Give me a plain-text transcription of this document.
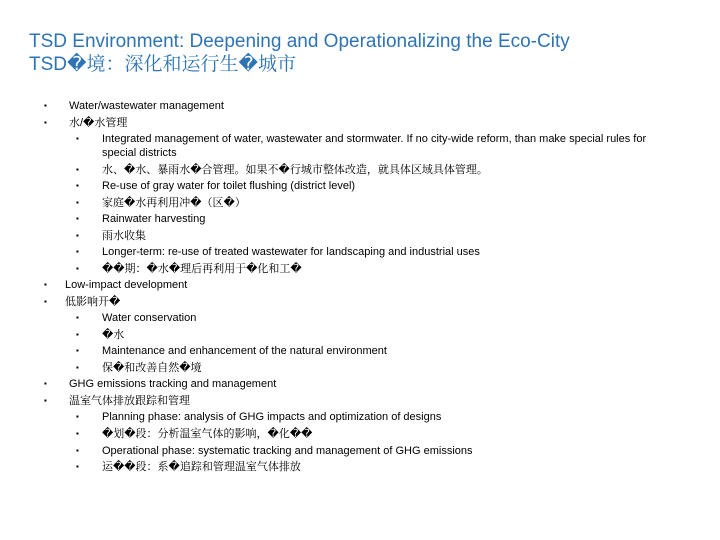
TSD Environment: Deepening and Operationalizing the Eco-City
TSD�境：深化和运行生�城市
▪ Water/wastewater management
▪ 水/�水管理
▪ Integrated management of water, wastewater and stormwater. If no city-wide reform, than make special rules for special districts
▪ 水、�水、暴雨水�合管理。如果不�行城市整体改造，就具体区域具体管理。
▪ Re-use of gray water for toilet flushing (district level)
▪ 家庭�水再利用冲�（区�）
▪ Rainwater harvesting
▪ 雨水收集
▪ Longer-term: re-use of treated wastewater for landscaping and industrial uses
▪ ��期：�水�理后再利用于�化和工�
▪ Low-impact development
▪ 低影响开�
▪ Water conservation
▪ �水
▪ Maintenance and enhancement of the natural environment
▪ 保�和改善自然�境
▪ GHG emissions tracking and management
▪ 温室气体排放跟踪和管理
▪ Planning phase: analysis of GHG impacts and optimization of designs
▪ �划�段：分析温室气体的影响，�化��
▪ Operational phase: systematic tracking and management of GHG emissions
▪ 运��段：系�追踪和管理温室气体排放
